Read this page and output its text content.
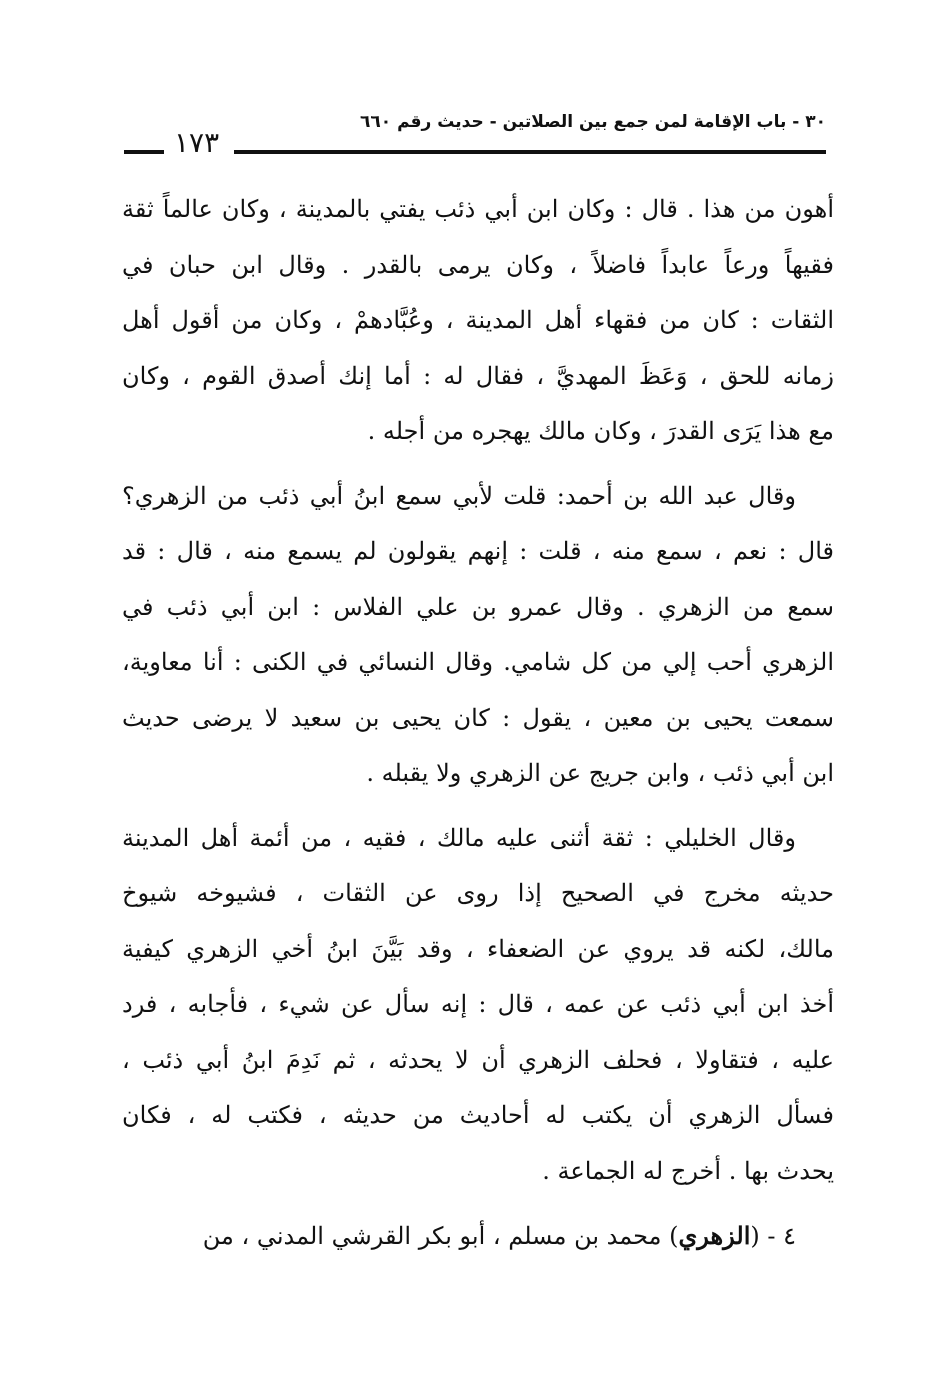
٣٠ - باب الإقامة لمن جمع بين الصلاتين - حديث رقم ٦٦٠
١٧٣

أهون من هذا . قال : وكان ابن أبي ذئب يفتي بالمدينة ، وكان عالماً ثقة
فقيهاً ورعاً عابداً فاضلاً ، وكان يرمى بالقدر . وقال ابن حبان في
الثقات : كان من فقهاء أهل المدينة ، وعُبَّادهمْ ، وكان من أقول أهل
زمانه للحق ، وَعَظَ المهديَّ ، فقال له : أما إنك أصدق القوم ، وكان
مع هذا يَرَى القدرَ ، وكان مالك يهجره من أجله .

وقال عبد الله بن أحمد: قلت لأبي سمع ابنُ أبي ذئب من الزهري؟
قال : نعم ، سمع منه ، قلت : إنهم يقولون لم يسمع منه ، قال : قد
سمع من الزهري . وقال عمرو بن علي الفلاس : ابن أبي ذئب في
الزهري أحب إلي من كل شامي. وقال النسائي في الكنى : أنا معاوية،
سمعت يحيى بن معين ، يقول : كان يحيى بن سعيد لا يرضى حديث
ابن أبي ذئب ، وابن جريج عن الزهري ولا يقبله .

وقال الخليلي : ثقة أثنى عليه مالك ، فقيه ، من أئمة أهل المدينة
حديثه مخرج في الصحيح إذا روى عن الثقات ، فشيوخه شيوخ
مالك، لكنه قد يروي عن الضعفاء ، وقد بَيَّنَ ابنُ أخي الزهري كيفية
أخذ ابن أبي ذئب عن عمه ، قال : إنه سأل عن شيء ، فأجابه ، فرد
عليه ، فتقاولا ، فحلف الزهري أن لا يحدثه ، ثم نَدِمَ ابنُ أبي ذئب ،
فسأل الزهري أن يكتب له أحاديث من حديثه ، فكتب له ، فكان
يحدث بها . أخرج له الجماعة .

٤ - (الزهري) محمد بن مسلم ، أبو بكر القرشي المدني ، من
